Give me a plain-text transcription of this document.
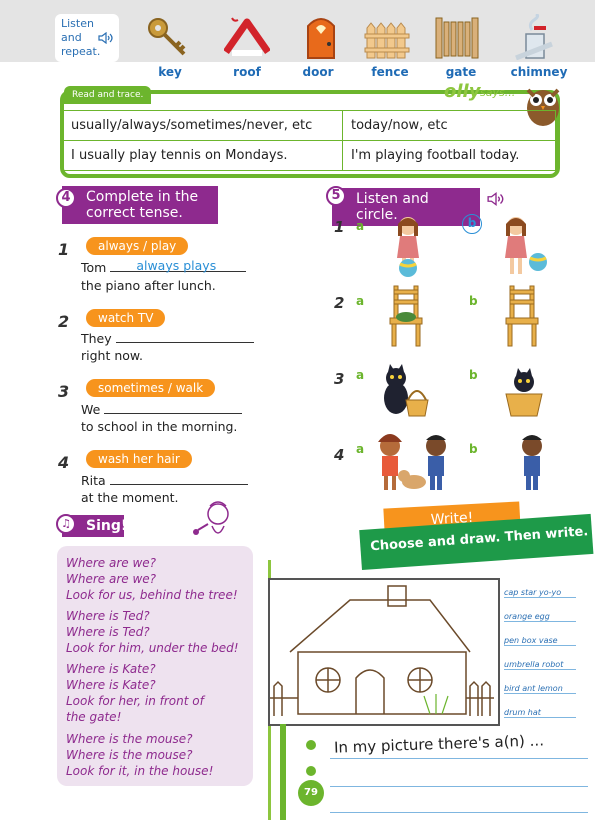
Listen
and
repeat.
key	roof	door	fence	gate	chimney
Read and trace.	olly says...
usually/always/sometimes/never, etc	today/now, etc
I usually play tennis on Mondays.	I'm playing football today.
Complete in the
correct tense.
4
1	always / play
Tom always plays
the piano after lunch.
2	watch TV
They
right now.
3	sometimes / walk
We
to school in the morning.
4	wash her hair
Rita
at the moment.
Listen and circle.
5
1 a	b
2 a	b
3 a	b
4 a	b
Sing!
♫
Where are we?
Where are we?
Look for us, behind the tree!
Where is Ted?
Where is Ted?
Look for him, under the bed!
Where is Kate?
Where is Kate?
Look for her, in front of
the gate!
Where is the mouse?
Where is the mouse?
Look for it, in the house!
Write!
Choose and draw. Then write.
cap star yo-yo
orange egg
pen box vase
umbrella robot
bird ant lemon
drum hat
In my picture there's a(n) ...
79
